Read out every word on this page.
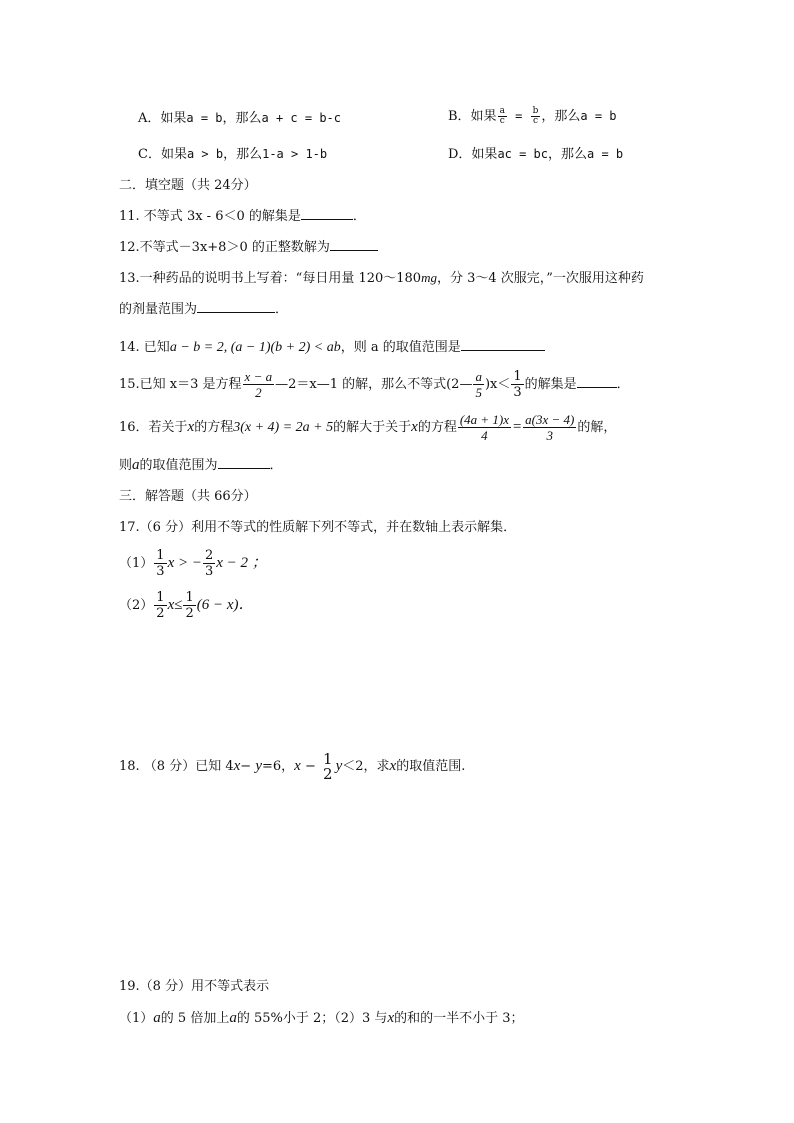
A．如果a = b，那么a + c = b-c	B．如果 $\frac{a}{c} = \frac{b}{c}$ ，那么a = b
C．如果a > b，那么1-a > 1-b	D．如果ac = bc，那么a = b
二．填空题（共 24分）
11. 不等式 3x - 6＜0 的解集是	．
12.不等式－3x+8＞0 的正整数解为
13.一种药品的说明书上写着：“每日用量 120～180mg，分 3～4 次服完，”一次服用这种药
的剂量范围为	．
14. 已知a − b = 2, (a − 1)(b + 2) < ab，则 a 的取值范围是
15.已知 x＝3 是方程 $\frac{x - a}{2}$ —2＝x—1 的解，那么不等式(2— $\frac{a}{5} )x< \frac{1}{3}$ 的解集是	．
16．若关于x的方程3(x + 4) = 2a + 5的解大于关于x的方程 $\frac{(4a + 1)x}{4} = \frac{a(3x - 4)}{3}$ 的解，
则a的取值范围为	．
三．解答题（共 66分）
17.（6 分）利用不等式的性质解下列不等式，并在数轴上表示解集．
$(1) \frac{1}{3}$ x > − $\frac{2}{3}$ x − 2 ；
$(2) \frac{1}{2} x\le \frac{1}{2} (6 - x)$．
18. （8 分）已知 4x− y=6，x − 1
2 y＜2，求x的取值范围.
19.（8 分）用不等式表示
（1）a的 5 倍加上a的 55%小于 2；（2）3 与x的和的一半不小于 3；
